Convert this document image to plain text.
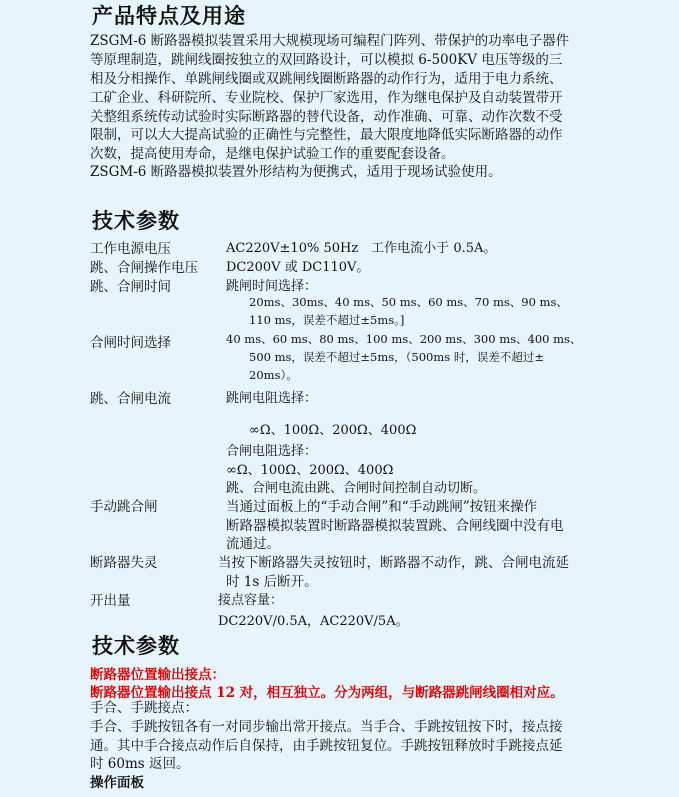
产品特点及用途
ZSGM-6 断路器模拟装置采用大规模现场可编程门阵列、带保护的功率电子器件
等原理制造，跳闸线圈按独立的双回路设计，可以模拟 6-500KV 电压等级的三
相及分相操作、单跳闸线圈或双跳闸线圈断路器的动作行为，适用于电力系统、
工矿企业、科研院所、专业院校、保护厂家选用，作为继电保护及自动装置带开
关整组系统传动试验时实际断路器的替代设备，动作准确、可靠、动作次数不受
限制，可以大大提高试验的正确性与完整性，最大限度地降低实际断路器的动作
次数，提高使用寿命，是继电保护试验工作的重要配套设备。
ZSGM-6 断路器模拟装置外形结构为便携式，适用于现场试验使用。
技术参数
工作电源电压	AC220V±10% 50Hz　工作电流小于 0.5A。
跳、合闸操作电压 DC200V 或 DC110V。
跳、合闸时间	跳闸时间选择：
20ms、30ms、40 ms、50 ms、60 ms、70 ms、90 ms、
110 ms，误差不超过±5ms。]
合闸时间选择	40 ms、60 ms、80 ms、100 ms、200 ms、300 ms、400 ms、
500 ms，误差不超过±5ms，（500ms 时，误差不超过±
20ms）。
跳、合闸电流	跳闸电阻选择：
∞Ω、100Ω、200Ω、400Ω
合闸电阻选择：
∞Ω、100Ω、200Ω、400Ω
跳、合闸电流由跳、合闸时间控制自动切断。
手动跳合闸	当通过面板上的“手动合闸”和“手动跳闸”按钮来操作
断路器模拟装置时断路器模拟装置跳、合闸线圈中没有电
流通过。
断路器失灵	当按下断路器失灵按钮时，断路器不动作，跳、合闸电流延
时 1s 后断开。
开出量	接点容量：
DC220V/0.5A，AC220V/5A。
技术参数
断路器位置输出接点：
断路器位置输出接点 12 对，相互独立。分为两组，与断路器跳闸线圈相对应。
手合、手跳接点：
手合、手跳按钮各有一对同步输出常开接点。当手合、手跳按钮按下时，接点接
通。其中手合接点动作后自保持，由手跳按钮复位。手跳按钮释放时手跳接点延
时 60ms 返回。
操作面板
